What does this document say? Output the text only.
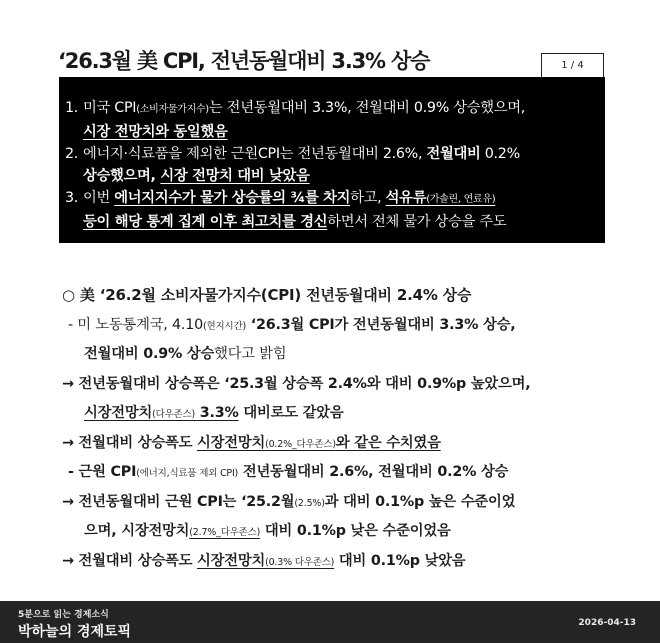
‘26.3월 美 CPI, 전년동월대비 3.3% 상승	1 / 4
1. 미국 CPI(소비자물가지수)는 전년동월대비 3.3%, 전월대비 0.9% 상승했으며,
시장 전망치와 동일했음
2. 에너지·식료품을 제외한 근원CPI는 전년동월대비 2.6%, 전월대비 0.2%
상승했으며, 시장 전망치 대비 낮았음
3. 이번 에너지지수가 물가 상승률의 ¾를 차지하고, 석유류(가솔린, 연료유)
등이 해당 통계 집계 이후 최고치를 경신하면서 전체 물가 상승을 주도
○ 美 ‘26.2월 소비자물가지수(CPI) 전년동월대비 2.4% 상승
- 미 노동통계국, 4.10(현지시간) ‘26.3월 CPI가 전년동월대비 3.3% 상승,
전월대비 0.9% 상승했다고 밝힘
→ 전년동월대비 상승폭은 ‘25.3월 상승폭 2.4%와 대비 0.9%p 높았으며,
시장전망치(다우존스) 3.3% 대비로도 같았음
→ 전월대비 상승폭도 시장전망치(0.2%_다우존스)와 같은 수치였음
- 근원 CPI(에너지,식료품 제외 CPI) 전년동월대비 2.6%, 전월대비 0.2% 상승
→ 전년동월대비 근원 CPI는 ‘25.2월(2.5%)과 대비 0.1%p 높은 수준이었
으며, 시장전망치(2.7%_다우존스) 대비 0.1%p 낮은 수준이었음
→ 전월대비 상승폭도 시장전망치(0.3% 다우존스) 대비 0.1%p 낮았음
5분으로 읽는 경제소식
박하늘의 경제토픽
2026-04-13
